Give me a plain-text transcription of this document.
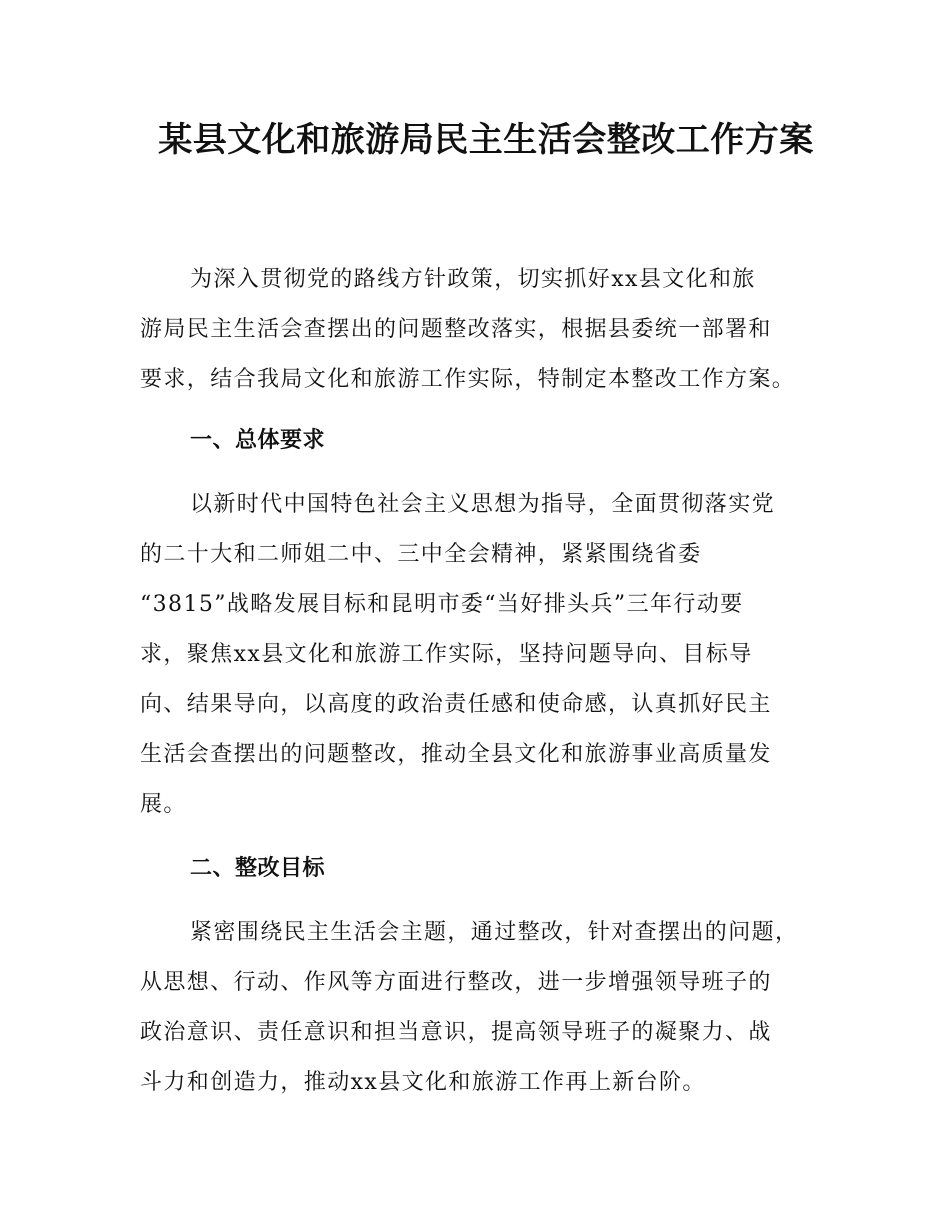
某县文化和旅游局民主生活会整改工作方案

为深入贯彻党的路线方针政策，切实抓好xx县文化和旅
游局民主生活会查摆出的问题整改落实，根据县委统一部署和
要求，结合我局文化和旅游工作实际，特制定本整改工作方案。

一、总体要求

以新时代中国特色社会主义思想为指导，全面贯彻落实党
的二十大和二师姐二中、三中全会精神，紧紧围绕省委
“3815”战略发展目标和昆明市委“当好排头兵”三年行动要
求，聚焦xx县文化和旅游工作实际，坚持问题导向、目标导
向、结果导向，以高度的政治责任感和使命感，认真抓好民主
生活会查摆出的问题整改，推动全县文化和旅游事业高质量发
展。

二、整改目标

紧密围绕民主生活会主题，通过整改，针对查摆出的问题，
从思想、行动、作风等方面进行整改，进一步增强领导班子的
政治意识、责任意识和担当意识，提高领导班子的凝聚力、战
斗力和创造力，推动xx县文化和旅游工作再上新台阶。
